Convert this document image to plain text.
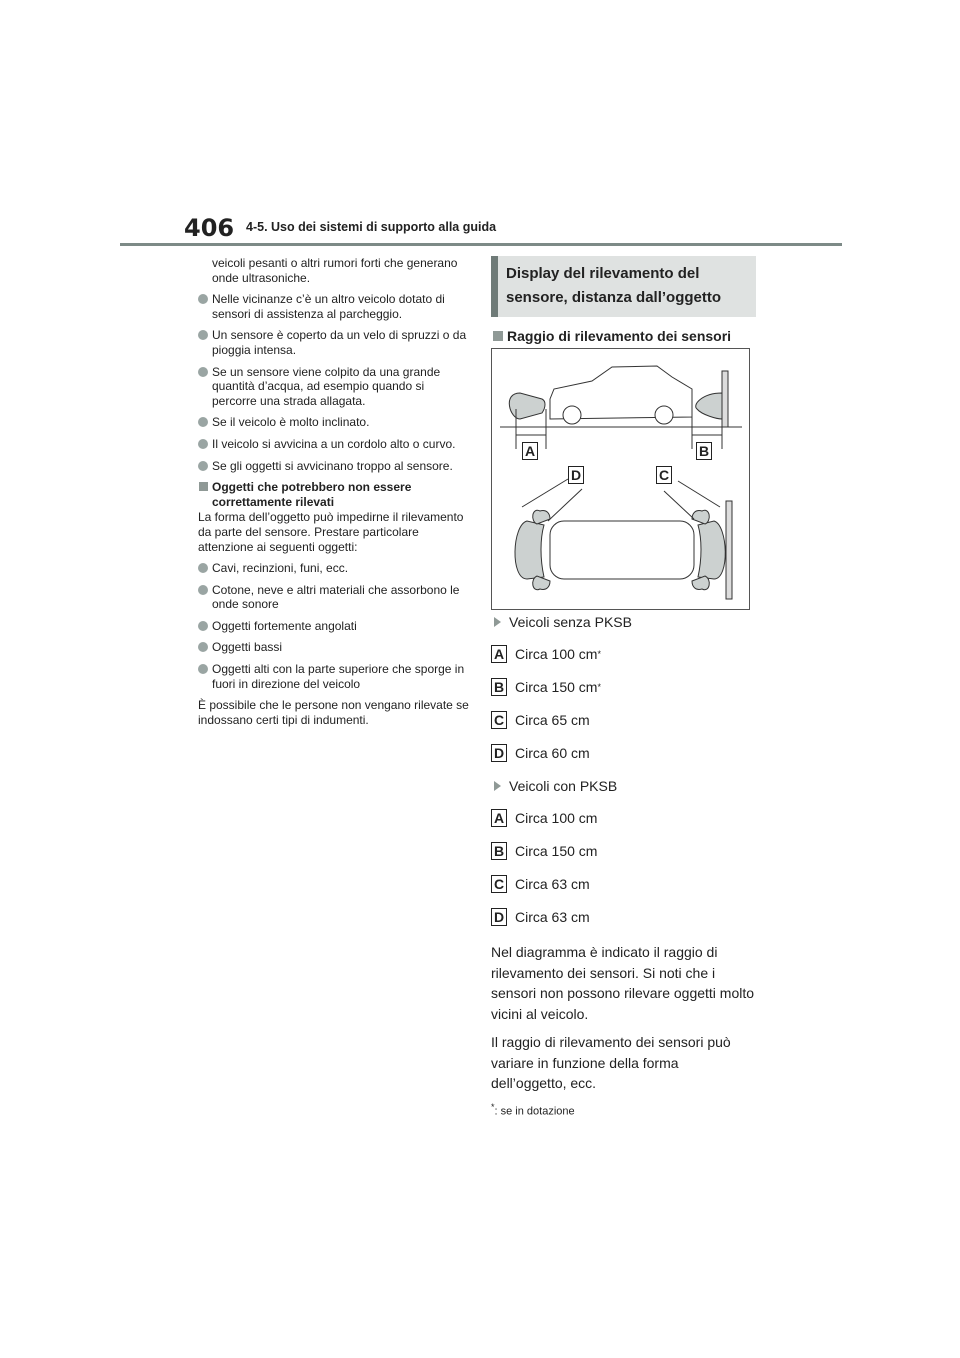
406 4-5. Uso dei sistemi di supporto alla guida

veicoli pesanti o altri rumori forti che generano onde ultrasoniche.

Nelle vicinanze c’è un altro veicolo dotato di sensori di assistenza al parcheggio.
Un sensore è coperto da un velo di spruzzi o da pioggia intensa.
Se un sensore viene colpito da una grande quantità d’acqua, ad esempio quando si percorre una strada allagata.
Se il veicolo è molto inclinato.
Il veicolo si avvicina a un cordolo alto o curvo.
Se gli oggetti si avvicinano troppo al sensore.
Oggetti che potrebbero non essere correttamente rilevati

La forma dell’oggetto può impedirne il rilevamento da parte del sensore. Prestare particolare attenzione ai seguenti oggetti:

Cavi, recinzioni, funi, ecc.
Cotone, neve e altri materiali che assorbono le onde sonore
Oggetti fortemente angolati
Oggetti bassi
Oggetti alti con la parte superiore che sporge in fuori in direzione del veicolo

È possibile che le persone non vengano rilevate se indossano certi tipi di indumenti.

Display del rilevamento del sensore, distanza dall’oggetto
Raggio di rilevamento dei sensori
A	B
C
D
Veicoli senza PKSB
A Circa 100 cm *
B Circa 150 cm *
C Circa 65 cm
D Circa 60 cm
Veicoli con PKSB
A Circa 100 cm
B Circa 150 cm
C Circa 63 cm
D Circa 63 cm

Nel diagramma è indicato il raggio di rilevamento dei sensori. Si noti che i sensori non possono rilevare oggetti molto vicini al veicolo.

Il raggio di rilevamento dei sensori può variare in funzione della forma dell’oggetto, ecc.

*: se in dotazione
